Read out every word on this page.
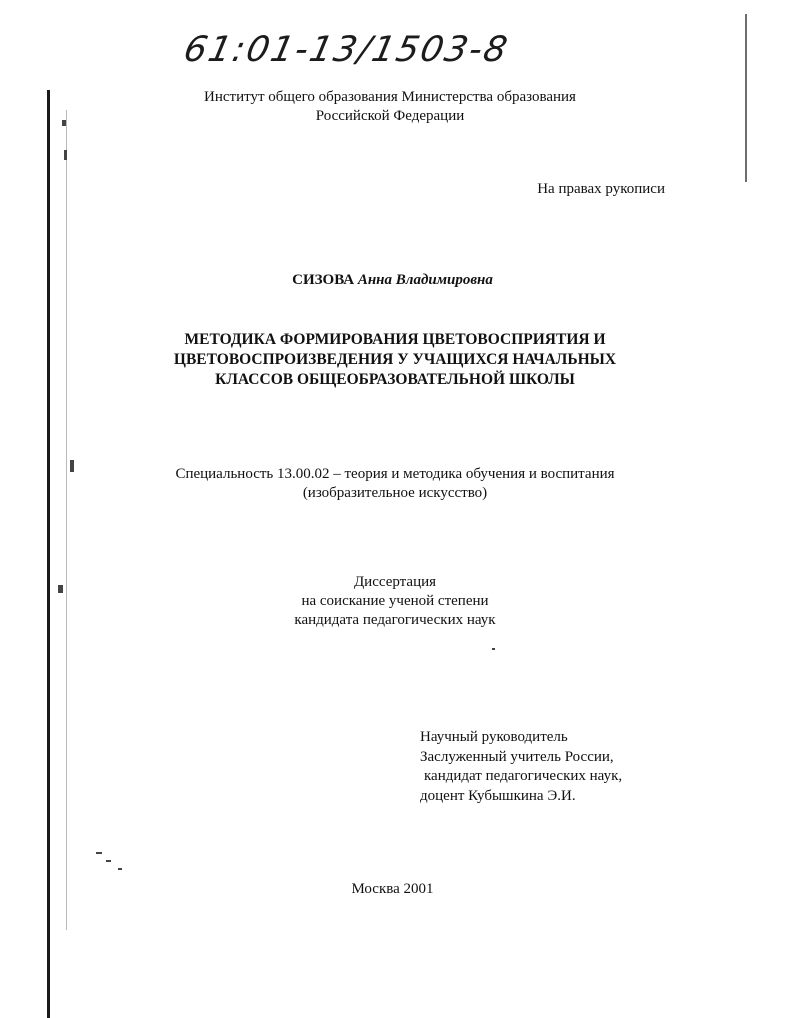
61:01-13/1503-8
Институт общего образования Министерства образования
Российской Федерации
На правах рукописи
СИЗОВА Анна Владимировна
МЕТОДИКА ФОРМИРОВАНИЯ ЦВЕТОВОСПРИЯТИЯ И
ЦВЕТОВОСПРОИЗВЕДЕНИЯ У УЧАЩИХСЯ НАЧАЛЬНЫХ
КЛАССОВ ОБЩЕОБРАЗОВАТЕЛЬНОЙ ШКОЛЫ
Специальность 13.00.02 – теория и методика обучения и воспитания
(изобразительное искусство)
Диссертация
на соискание ученой степени
кандидата педагогических наук
Научный руководитель
Заслуженный учитель России,
кандидат педагогических наук,
доцент Кубышкина Э.И.
Москва 2001
